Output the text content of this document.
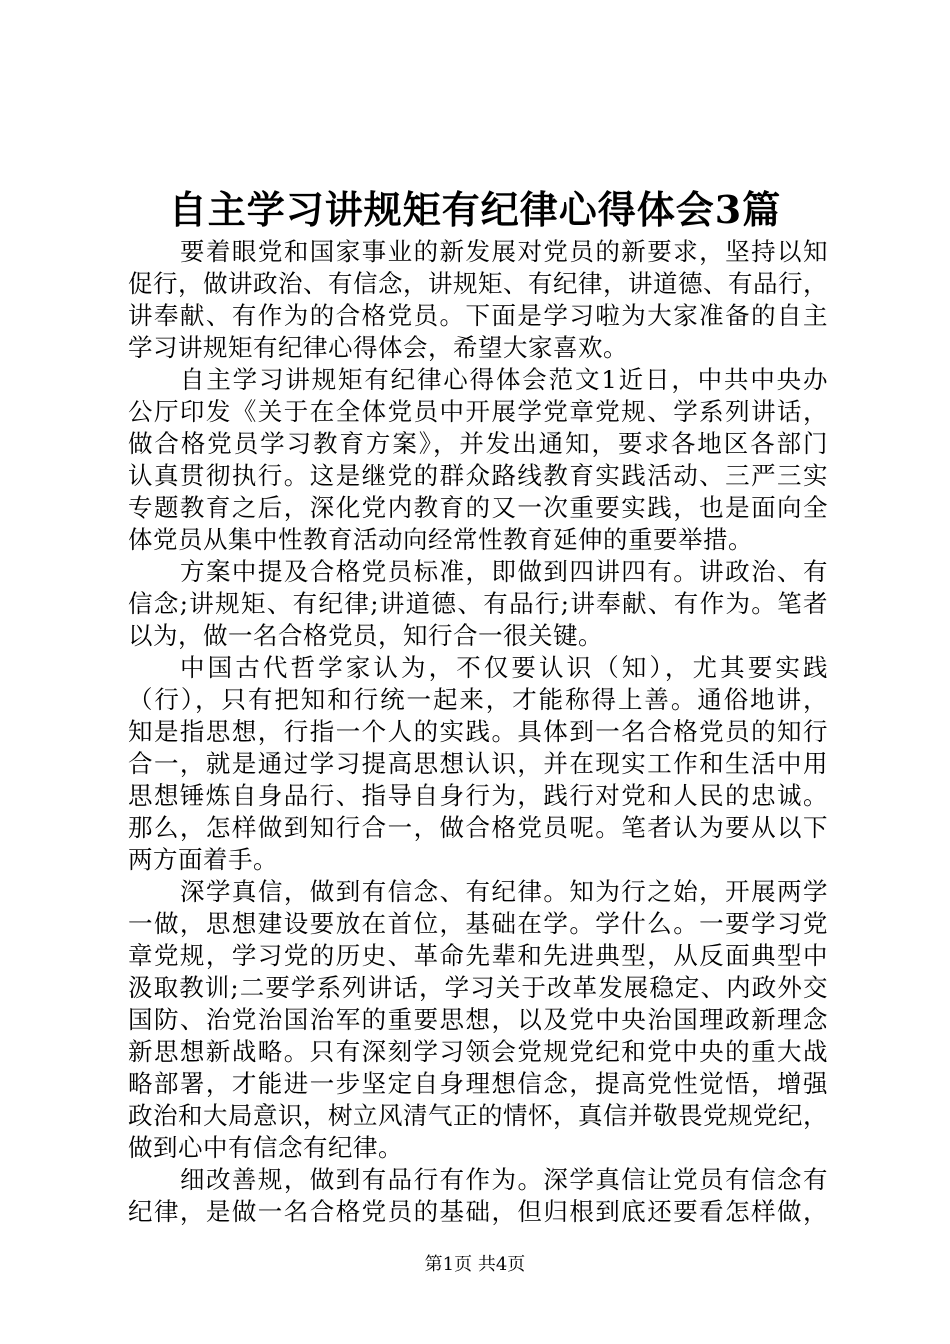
自主学习讲规矩有纪律心得体会3篇
要着眼党和国家事业的新发展对党员的新要求，坚持以知
促行，做讲政治、有信念，讲规矩、有纪律，讲道德、有品行，
讲奉献、有作为的合格党员。下面是学习啦为大家准备的自主
学习讲规矩有纪律心得体会，希望大家喜欢。
自主学习讲规矩有纪律心得体会范文1近日，中共中央办
公厅印发《关于在全体党员中开展学党章党规、学系列讲话，
做合格党员学习教育方案》，并发出通知，要求各地区各部门
认真贯彻执行。这是继党的群众路线教育实践活动、三严三实
专题教育之后，深化党内教育的又一次重要实践，也是面向全
体党员从集中性教育活动向经常性教育延伸的重要举措。
方案中提及合格党员标准，即做到四讲四有。讲政治、有
信念;讲规矩、有纪律;讲道德、有品行;讲奉献、有作为。笔者
以为，做一名合格党员，知行合一很关键。
中国古代哲学家认为，不仅要认识（知），尤其要实践
（行），只有把知和行统一起来，才能称得上善。通俗地讲，
知是指思想，行指一个人的实践。具体到一名合格党员的知行
合一，就是通过学习提高思想认识，并在现实工作和生活中用
思想锤炼自身品行、指导自身行为，践行对党和人民的忠诚。
那么，怎样做到知行合一，做合格党员呢。笔者认为要从以下
两方面着手。
深学真信，做到有信念、有纪律。知为行之始，开展两学
一做，思想建设要放在首位，基础在学。学什么。一要学习党
章党规，学习党的历史、革命先辈和先进典型，从反面典型中
汲取教训;二要学系列讲话，学习关于改革发展稳定、内政外交
国防、治党治国治军的重要思想，以及党中央治国理政新理念
新思想新战略。只有深刻学习领会党规党纪和党中央的重大战
略部署，才能进一步坚定自身理想信念，提高党性觉悟，增强
政治和大局意识，树立风清气正的情怀，真信并敬畏党规党纪，
做到心中有信念有纪律。
细改善规，做到有品行有作为。深学真信让党员有信念有
纪律，是做一名合格党员的基础，但归根到底还要看怎样做，
第1页 共4页
